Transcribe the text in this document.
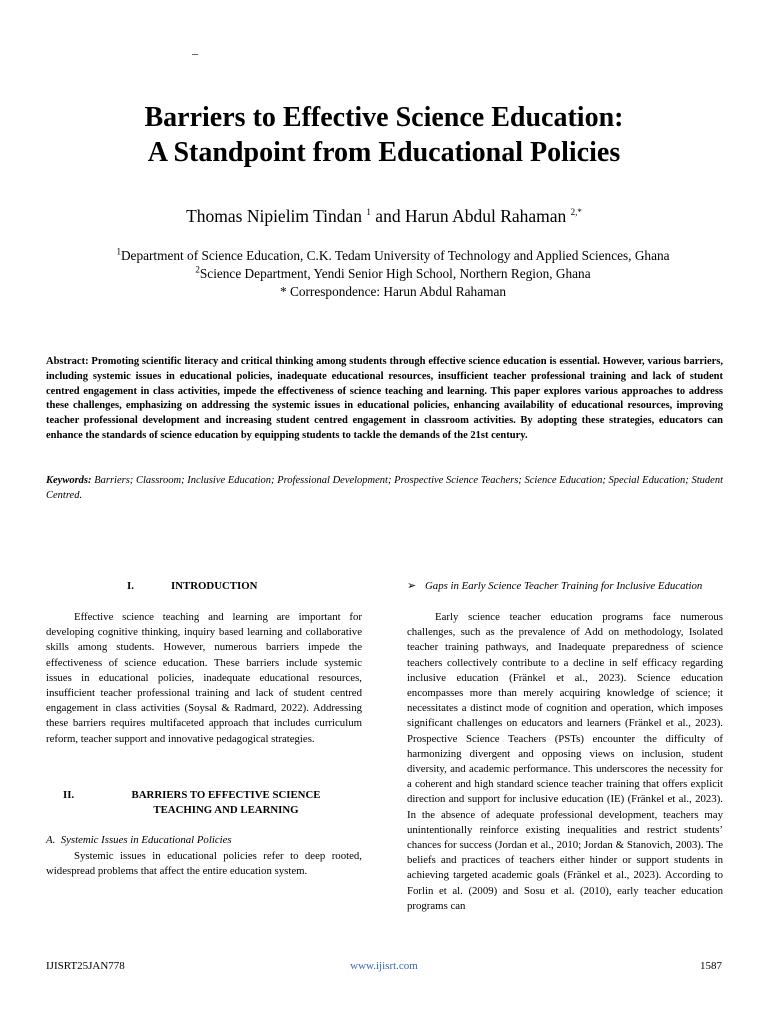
–
Barriers to Effective Science Education:
A Standpoint from Educational Policies
Thomas Nipielim Tindan $^1$ and Harun Abdul Rahaman $^{2,*}$
$^1$Department of Science Education, C.K. Tedam University of Technology and Applied Sciences, Ghana
$^2$Science Department, Yendi Senior High School, Northern Region, Ghana
* Correspondence: Harun Abdul Rahaman
Abstract: Promoting scientific literacy and critical thinking among students through effective science education is essential. However, various barriers, including systemic issues in educational policies, inadequate educational resources, insufficient teacher professional training and lack of student centred engagement in class activities, impede the effectiveness of science teaching and learning. This paper explores various approaches to address these challenges, emphasizing on addressing the systemic issues in educational policies, enhancing availability of educational resources, improving teacher professional development and increasing student centred engagement in classroom activities. By adopting these strategies, educators can enhance the standards of science education by equipping students to tackle the demands of the 21st century.
Keywords: Barriers; Classroom; Inclusive Education; Professional Development; Prospective Science Teachers; Science Education; Special Education; Student Centred.
I.	INTRODUCTION

Effective science teaching and learning are important for developing cognitive thinking, inquiry based learning and collaborative skills among students. However, numerous barriers impede the effectiveness of science education. These barriers include systemic issues in educational policies, inadequate educational resources, insufficient teacher professional training and lack of student centred engagement in class activities (Soysal & Radmard, 2022). Addressing these barriers requires multifaceted approach that includes curriculum reform, teacher support and innovative pedagogical strategies.

II.	BARRIERS TO EFFECTIVE SCIENCE
TEACHING AND LEARNING
A. Systemic Issues in Educational Policies

Systemic issues in educational policies refer to deep rooted, widespread problems that affect the entire education system.

➢ Gaps in Early Science Teacher Training for Inclusive Education

Early science teacher education programs face numerous challenges, such as the prevalence of Add on methodology, Isolated teacher training pathways, and Inadequate preparedness of science teachers collectively contribute to a decline in self efficacy regarding inclusive education (Fränkel et al., 2023). Science education encompasses more than merely acquiring knowledge of science; it necessitates a distinct mode of cognition and operation, which imposes significant challenges on educators and learners (Fränkel et al., 2023). Prospective Science Teachers (PSTs) encounter the difficulty of harmonizing divergent and opposing views on inclusion, student diversity, and academic performance. This underscores the necessity for a coherent and high standard science teacher training that offers explicit direction and support for inclusive education (IE) (Fränkel et al., 2023). In the absence of adequate professional development, teachers may unintentionally reinforce existing inequalities and restrict students’ chances for success (Jordan et al., 2010; Jordan & Stanovich, 2003). The beliefs and practices of teachers either hinder or support students in achieving targeted academic goals (Fränkel et al., 2023). According to Forlin et al. (2009) and Sosu et al. (2010), early teacher education programs can

IJISRT25JAN778	www.ijisrt.com	1587
